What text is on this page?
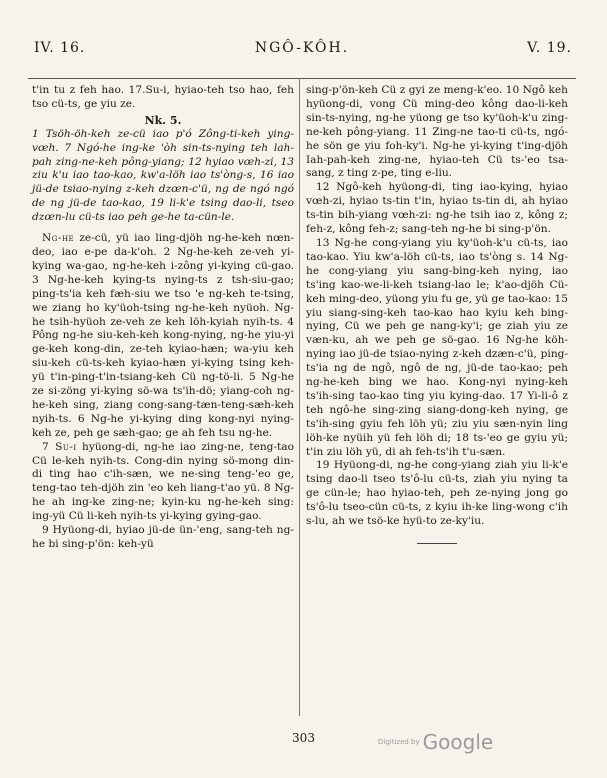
IV. 16.	NGÔ-KÔH.	V. 19.

t'in tu z feh hao. 17.Su-i, hyiao-teh tso hao, feh tso cü-ts, ge yiu ze.

Nk. 5.

1 Tsöh-öh-keh ze-cü iao p'ó Zông-ti-keh ying-vœh. 7 Ngó-he ing-ke 'òh sin-ts-nying teh lah-pah zing-ne-keh pông-yiang; 12 hyiao vœh-zi, 13 ziu k'u iao tao-kao, kw'a-löh iao ts'òng-s, 16 iao jü-de tsiao-nying z-keh dzœn-c'ü, ng de ngó ngó de ng jü-de tao-kao, 19 li-k'e tsing dao-li, tseo dzœn-lu cü-ts iao peh ge-he ta-cün-le.

Ng-he ze-cü, yü iao ling-djöh ng-he-keh nœn-deo, iao e-pe da-k'oh. 2 Ng-he-keh ze-veh yi-kying wa-gao, ng-he-keh i-zông yi-kying cü-gao. 3 Ng-he-keh kying-ts nying-ts z tsh-siu-gao; ping-ts'ia keh fæh-siu we tso 'e ng-keh te-tsing, we ziang ho ky'üoh-tsing ng-he-keh nyüoh. Ng-he tsih-hyüoh ze-veh ze keh löh-kyiah nyih-ts. 4 Pông ng-he siu-keh-keh kong-nying, ng-he yiu-yi ge-keh kong-din, ze-teh kyiao-hæn; wa-yiu keh siu-keh cü-ts-keh kyiao-hæn yi-kying tsing keh-yü t'in-ping-t'in-tsiang-keh Cü ng-tö-li. 5 Ng-he ze si-zöng yi-kying sö-wa ts'ih-dö; yiang-coh ng-he-keh sing, ziang cong-sang-tæn-teng-sæh-keh nyih-ts. 6 Ng-he yi-kying ding kong-nyi nying-keh ze, peh ge sæh-gao; ge ah feh tsu ng-he.

7 Su-i hyüong-di, ng-he iao zing-ne, teng-tao Cü le-keh nyih-ts. Cong-din nying sö-mong din-di ting hao c'ih-sæn, we ne-sing teng-'eo ge, teng-tao teh-djöh zin 'eo keh liang-t'ao yü. 8 Ng-he ah ing-ke zing-ne; kyin-ku ng-he-keh sing: ing-yü Cü li-keh nyih-ts yi-kying gying-gao.

9 Hyüong-di, hyiao jü-de ün-'eng, sang-teh ng-he bi sing-p'ön: keh-yü

sing-p'ön-keh Cü z gyi ze meng-k'eo. 10 Ngô keh hyüong-di, vong Cü ming-deo kông dao-li-keh sin-ts-nying, ng-he yüong ge tso ky'üoh-k'u zing-ne-keh pông-yiang. 11 Zing-ne tao-ti cü-ts, ngó-he sön ge yiu foh-ky'i. Ng-he yi-kying t'ing-djöh Iah-pah-keh zing-ne, hyiao-teh Cü ts-'eo tsa-sang, z ting z-pe, ting e-liu.

12 Ngô-keh hyüong-di, ting iao-kying, hyiao vœh-zi, hyiao ts-tin t'in, hyiao ts-tin di, ah hyiao ts-tin bih-yiang vœh-zi: ng-he tsih iao z, kông z; feh-z, kông feh-z; sang-teh ng-he bi sing-p'ön.

13 Ng-he cong-yiang yiu ky'üoh-k'u cü-ts, iao tao-kao. Yiu kw'a-löh cü-ts, iao ts'òng s. 14 Ng-he cong-yiang yiu sang-bing-keh nying, iao ts'ing kao-we-li-keh tsiang-lao le; k'ao-djöh Cü-keh ming-deo, yüong yiu fu ge, yü ge tao-kao: 15 yiu siang-sing-keh tao-kao hao kyiu keh bing-nying, Cü we peh ge nang-ky'i; ge ziah yiu ze væn-ku, ah we peh ge sö-gao. 16 Ng-he köh-nying iao jü-de tsiao-nying z-keh dzæn-c'ü, ping-ts'ia ng de ngô, ngô de ng, jü-de tao-kao; peh ng-he-keh bing we hao. Kong-nyi nying-keh ts'ih-sing tao-kao ting yiu kying-dao. 17 Yi-li-ô z teh ngô-he sing-zing siang-dong-keh nying, ge ts'ih-sing gyiu feh löh yü; ziu yiu sæn-nyin ling löh-ke nyüih yü feh löh di; 18 ts-'eo ge gyiu yü; t'in ziu löh yü, di ah feh-ts'ih t'u-sæn.

19 Hyüong-di, ng-he cong-yiang ziah yiu li-k'e tsing dao-li tseo ts'ô-lu cü-ts, ziah yiu nying ta ge cün-le; hao hyiao-teh, peh ze-nying jong go ts'ô-lu tseo-cün cü-ts, z kyiu ih-ke ling-wong c'ih s-lu, ah we tsö-ke hyü-to ze-ky'iu.

303	Digitized by Google
